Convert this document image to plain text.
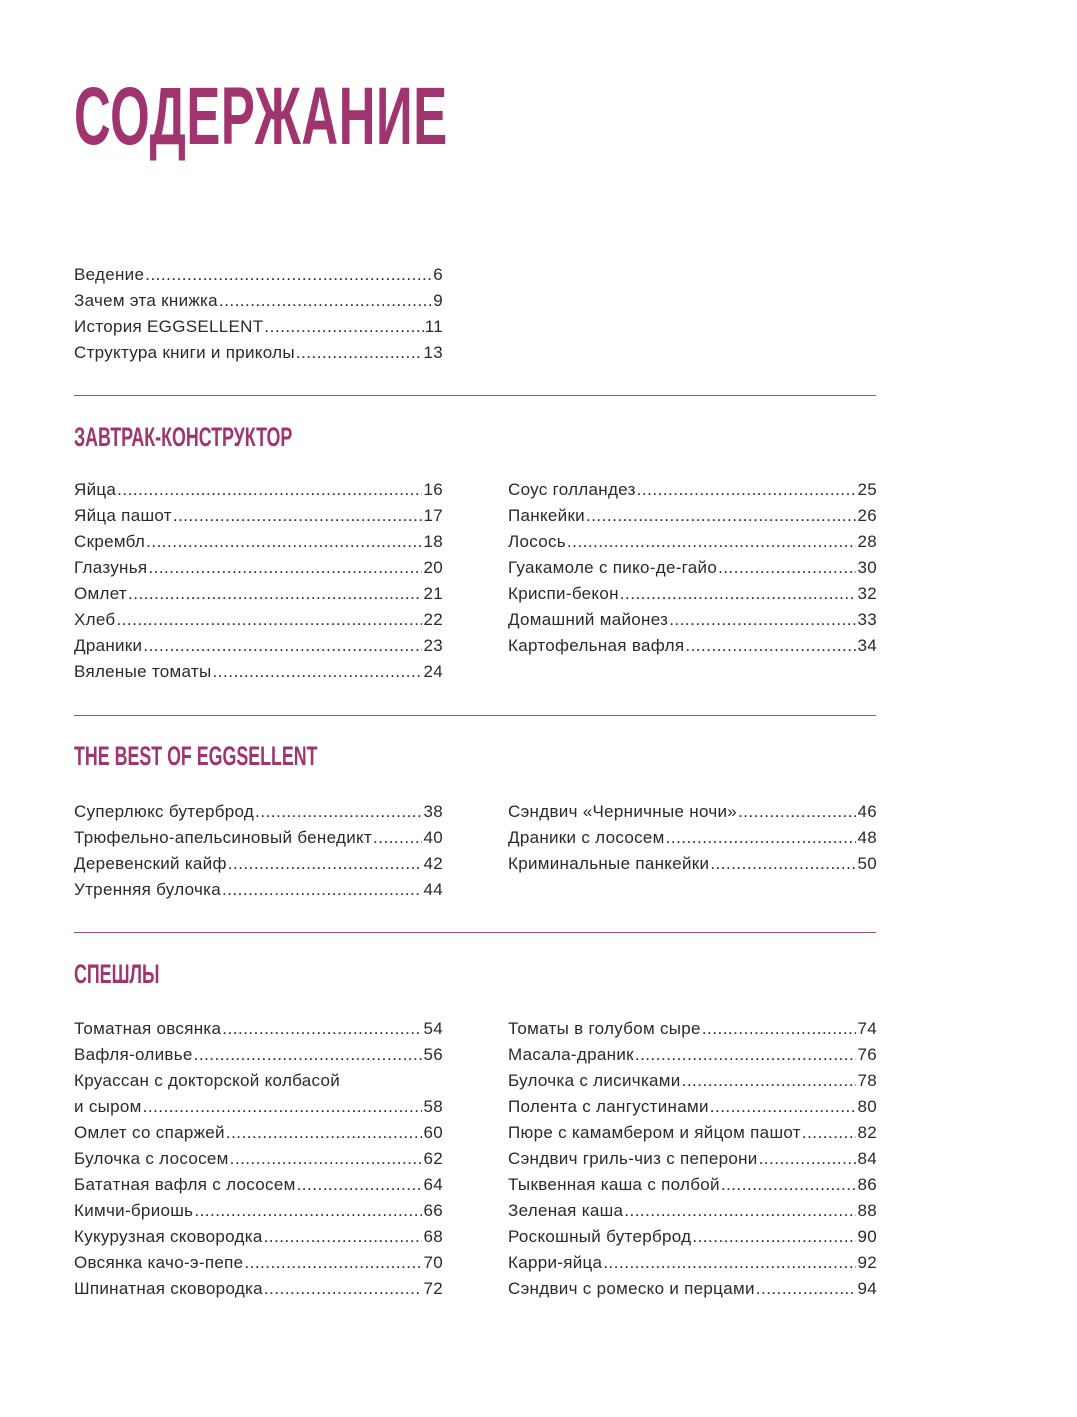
СОДЕРЖАНИЕ
Ведение .....	6
Зачем эта книжка .....	9
История EGGSELLENT .....	11
Структура книги и приколы .....	13
ЗАВТРАК-КОНСТРУКТОР
Яйца .....	16
Яйца пашот .....	17
Скрембл .....	18
Глазунья .....	20
Омлет .....	21
Хлеб .....	22
Драники .....	23
Вяленые томаты .....	24
Соус голландез .....	25
Панкейки .....	26
Лосось .....	28
Гуакамоле с пико-де-гайо .....	30
Криспи-бекон .....	32
Домашний майонез .....	33
Картофельная вафля .....	34
THE BEST OF EGGSELLENT
Суперлюкс бутерброд .....	38
Трюфельно-апельсиновый бенедикт .....	40
Деревенский кайф .....	42
Утренняя булочка .....	44
Сэндвич «Черничные ночи» .....	46
Драники с лососем .....	48
Криминальные панкейки .....	50
СПЕШЛЫ
Томатная овсянка .....	54
Вафля-оливье .....	56
Круассан с докторской колбасой
и сыром .....	58
Омлет со спаржей .....	60
Булочка с лососем .....	62
Батaтная вафля с лососем .....	64
Кимчи-бриошь .....	66
Кукурузная сковородка .....	68
Овсянка качо-э-пепе .....	70
Шпинатная сковородка .....	72
Томаты в голубом сыре .....	74
Масала-драник .....	76
Булочка с лисичками .....	78
Полента с лангустинами .....	80
Пюре с камамбером и яйцом пашот .....	82
Сэндвич гриль-чиз с пеперони .....	84
Тыквенная каша с полбой .....	86
Зеленая каша .....	88
Роскошный бутерброд .....	90
Карри-яйца .....	92
Сэндвич с ромеско и перцами .....	94
